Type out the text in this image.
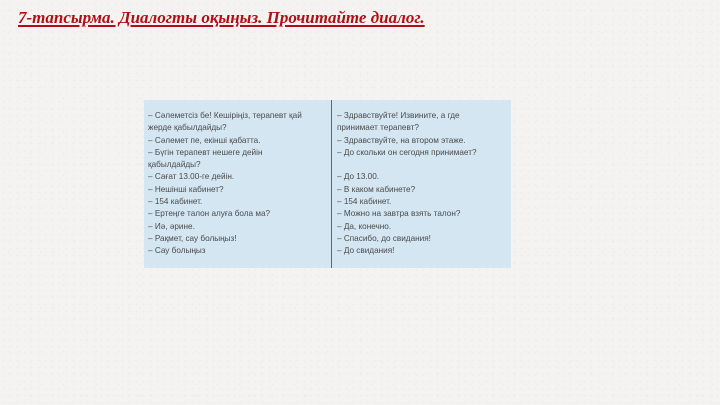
7-тапсырма. Диалогты оқыңыз. Прочитайте диалог.
– Сәлеметсіз бе! Кешіріңіз, терапевт қай жерде қабылдайды?
– Сәлемет пе, екінші қабатта.
– Бүгін терапевт нешеге дейін қабылдайды?
– Сағат 13.00-ге дейін.
– Нешінші кабинет?
– 154 кабинет.
– Ертеңге талон алуға бола ма?
– Иә, әрине.
– Рақмет, сау болыңыз!
– Сау болыңыз
– Здравствуйте! Извините, а где принимает терапевт?
– Здравствуйте, на втором этаже.
– До скольки он сегодня принимает?
– До 13.00.
– В каком кабинете?
– 154 кабинет.
– Можно на завтра взять талон?
– Да, конечно.
– Спасибо, до свидания!
– До свидания!
